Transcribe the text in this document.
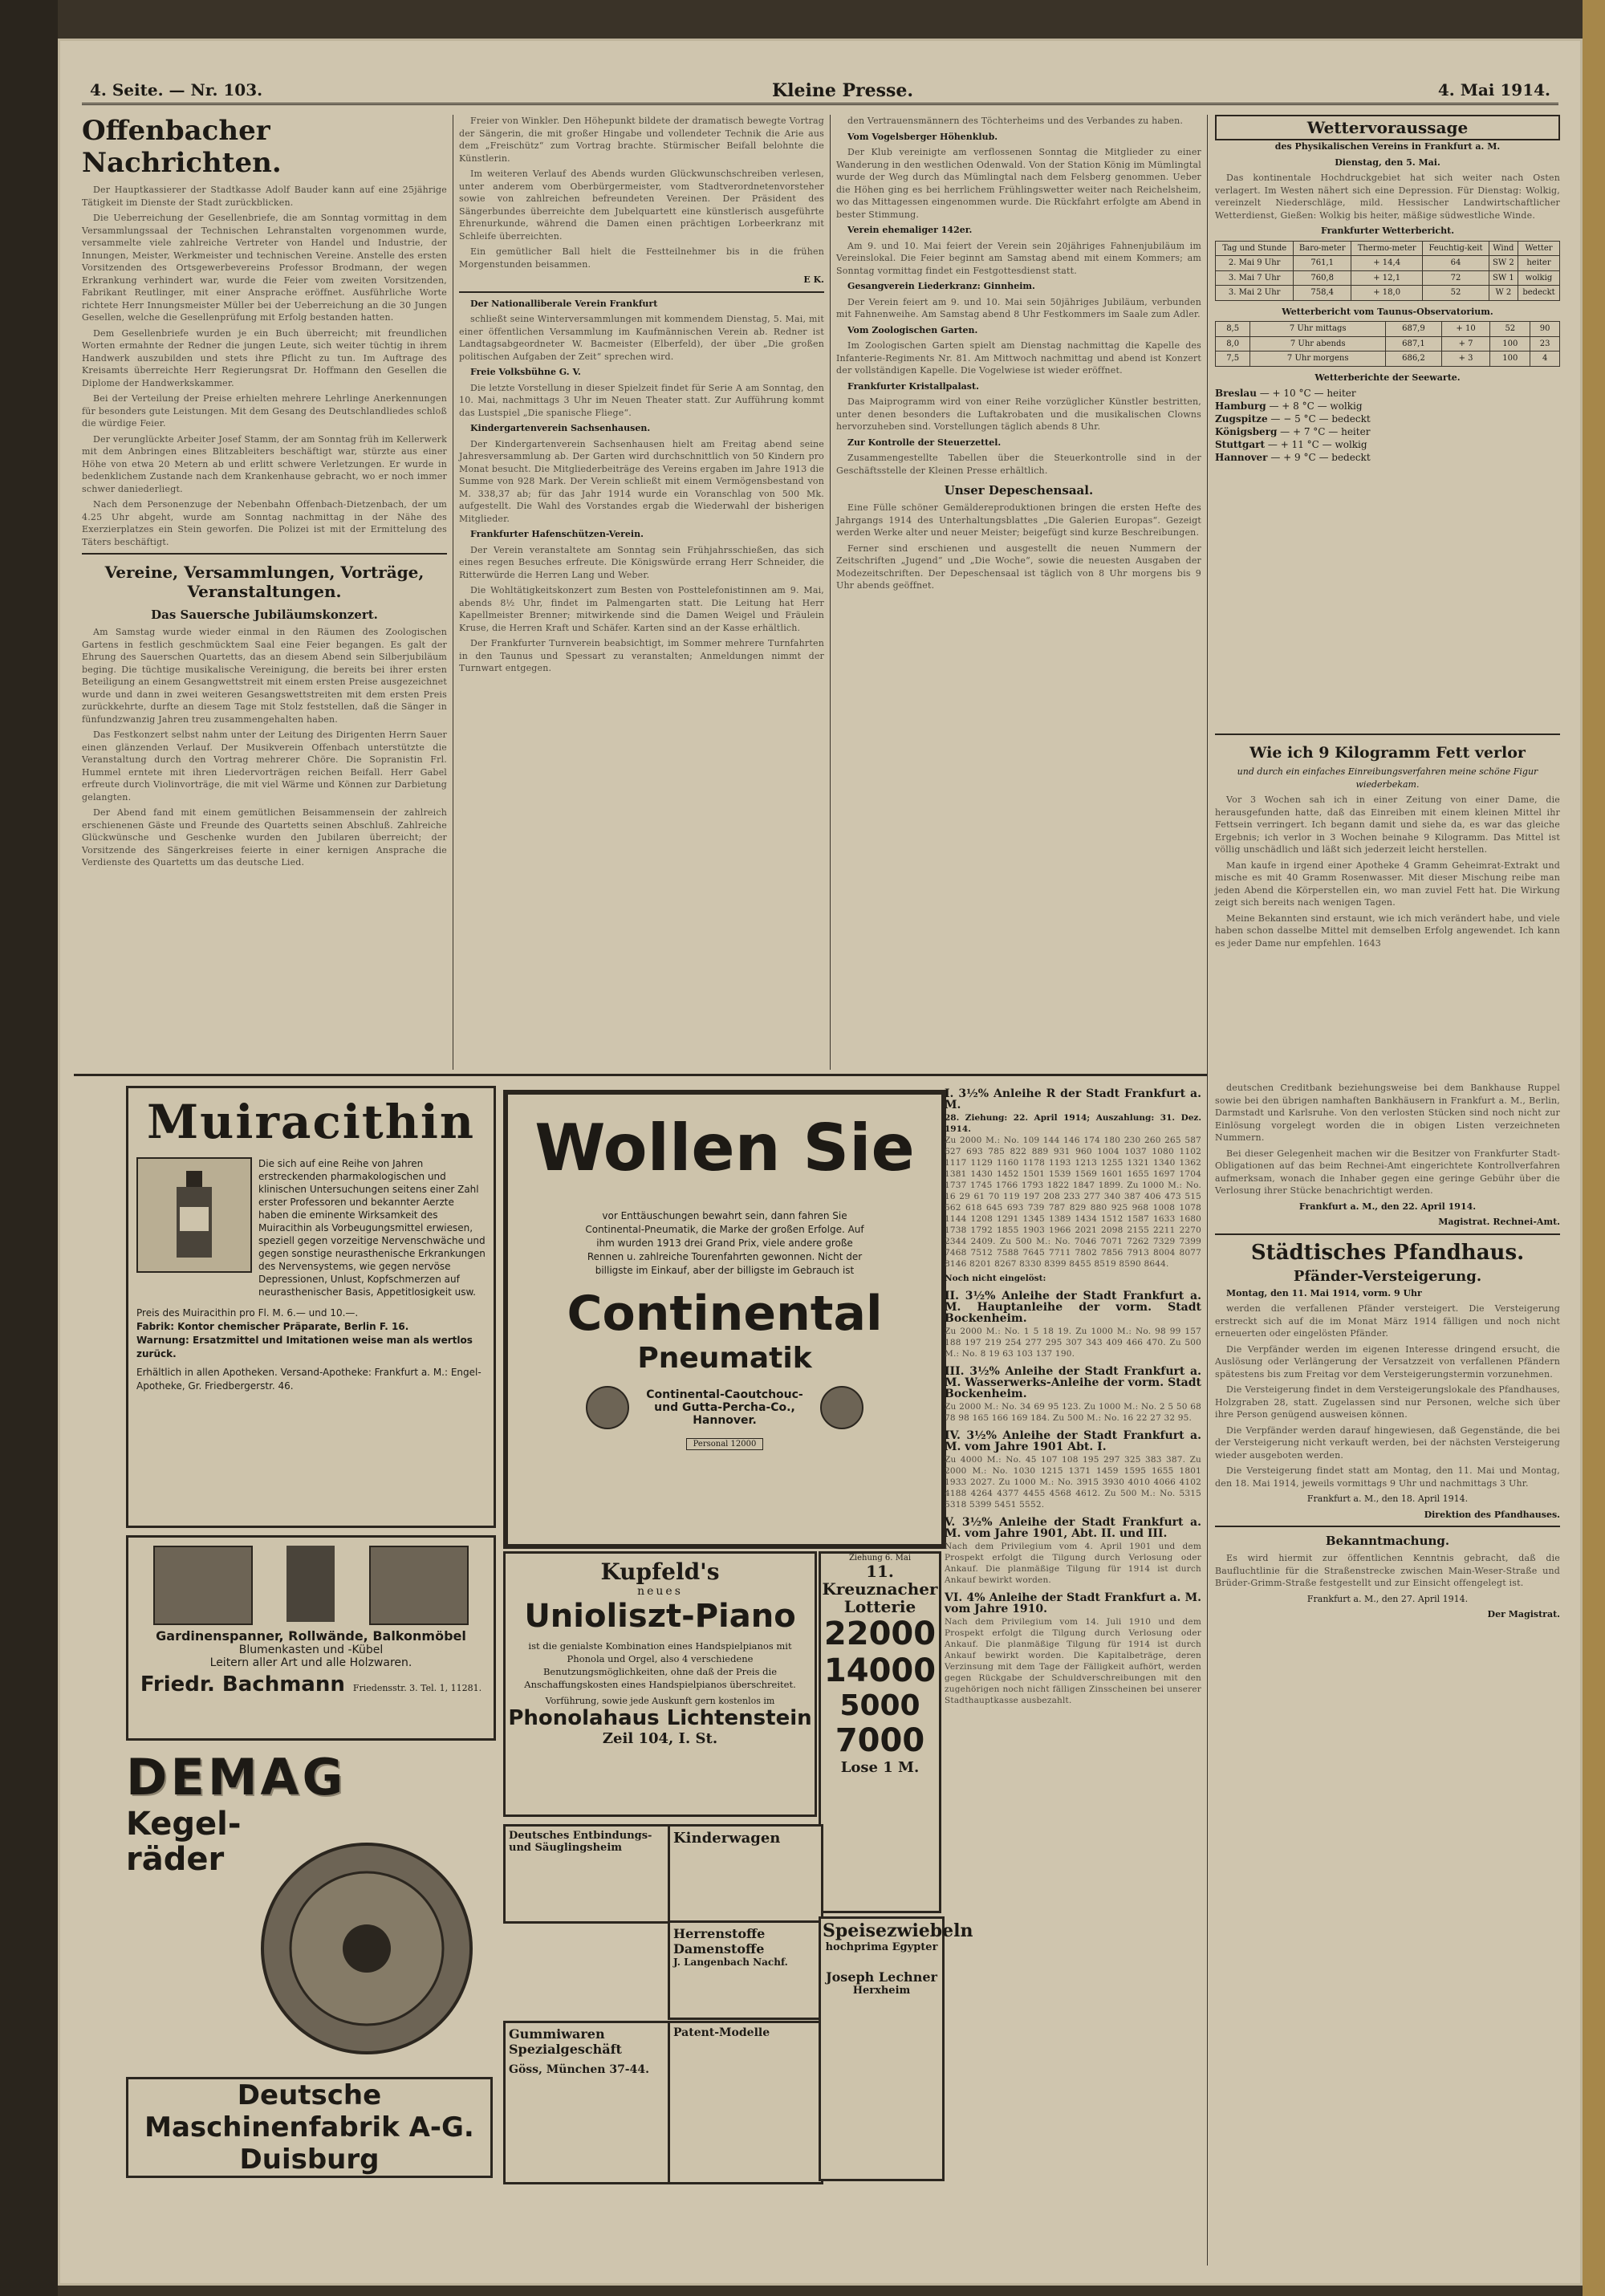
4. Seite. — Nr. 103.	Kleine Presse.	4. Mai 1914.
Offenbacher Nachrichten.

Der Hauptkassierer der Stadtkasse Adolf Bauder kann auf eine 25jährige Tätigkeit im Dienste der Stadt zurückblicken.

Die Ueberreichung der Gesellenbriefe, die am Sonntag vormittag in dem Versammlungssaal der Technischen Lehranstalten vorgenommen wurde, versammelte viele zahlreiche Vertreter von Handel und Industrie, der Innungen, Meister, Werkmeister und technischen Vereine. Anstelle des ersten Vorsitzenden des Ortsgewerbevereins Professor Brodmann, der wegen Erkrankung verhindert war, wurde die Feier vom zweiten Vorsitzenden, Fabrikant Reutlinger, mit einer Ansprache eröffnet. Ausführliche Worte richtete Herr Innungsmeister Müller bei der Ueberreichung an die 30 Jungen Gesellen, welche die Gesellenprüfung mit Erfolg bestanden hatten.

Dem Gesellenbriefe wurden je ein Buch überreicht; mit freundlichen Worten ermahnte der Redner die jungen Leute, sich weiter tüchtig in ihrem Handwerk auszubilden und stets ihre Pflicht zu tun. Im Auftrage des Kreisamts überreichte Herr Regierungsrat Dr. Hoffmann den Gesellen die Diplome der Handwerkskammer.

Bei der Verteilung der Preise erhielten mehrere Lehrlinge Anerkennungen für besonders gute Leistungen. Mit dem Gesang des Deutschlandliedes schloß die würdige Feier.

Der verunglückte Arbeiter Josef Stamm, der am Sonntag früh im Kellerwerk mit dem Anbringen eines Blitzableiters beschäftigt war, stürzte aus einer Höhe von etwa 20 Metern ab und erlitt schwere Verletzungen. Er wurde in bedenklichem Zustande nach dem Krankenhause gebracht, wo er noch immer schwer daniederliegt.

Nach dem Personenzuge der Nebenbahn Offenbach-Dietzenbach, der um 4.25 Uhr abgeht, wurde am Sonntag nachmittag in der Nähe des Exerzierplatzes ein Stein geworfen. Die Polizei ist mit der Ermittelung des Täters beschäftigt.

Vereine, Versammlungen, Vorträge, Veranstaltungen.
Das Sauersche Jubiläumskonzert.

Am Samstag wurde wieder einmal in den Räumen des Zoologischen Gartens in festlich geschmücktem Saal eine Feier begangen. Es galt der Ehrung des Sauerschen Quartetts, das an diesem Abend sein Silberjubiläum beging. Die tüchtige musikalische Vereinigung, die bereits bei ihrer ersten Beteiligung an einem Gesangwettstreit mit einem ersten Preise ausgezeichnet wurde und dann in zwei weiteren Gesangswettstreiten mit dem ersten Preis zurückkehrte, durfte an diesem Tage mit Stolz feststellen, daß die Sänger in fünfundzwanzig Jahren treu zusammengehalten haben.

Das Festkonzert selbst nahm unter der Leitung des Dirigenten Herrn Sauer einen glänzenden Verlauf. Der Musikverein Offenbach unterstützte die Veranstaltung durch den Vortrag mehrerer Chöre. Die Sopranistin Frl. Hummel erntete mit ihren Liedervorträgen reichen Beifall. Herr Gabel erfreute durch Violinvorträge, die mit viel Wärme und Können zur Darbietung gelangten.

Der Abend fand mit einem gemütlichen Beisammensein der zahlreich erschienenen Gäste und Freunde des Quartetts seinen Abschluß. Zahlreiche Glückwünsche und Geschenke wurden den Jubilaren überreicht; der Vorsitzende des Sängerkreises feierte in einer kernigen Ansprache die Verdienste des Quartetts um das deutsche Lied.

Freier von Winkler. Den Höhepunkt bildete der dramatisch bewegte Vortrag der Sängerin, die mit großer Hingabe und vollendeter Technik die Arie aus dem „Freischütz“ zum Vortrag brachte. Stürmischer Beifall belohnte die Künstlerin.

Im weiteren Verlauf des Abends wurden Glückwunschschreiben verlesen, unter anderem vom Oberbürgermeister, vom Stadtverordnetenvorsteher sowie von zahlreichen befreundeten Vereinen. Der Präsident des Sängerbundes überreichte dem Jubelquartett eine künstlerisch ausgeführte Ehrenurkunde, während die Damen einen prächtigen Lorbeerkranz mit Schleife überreichten.

Ein gemütlicher Ball hielt die Festteilnehmer bis in die frühen Morgenstunden beisammen.

E K.

Der Nationalliberale Verein Frankfurt

schließt seine Winterversammlungen mit kommendem Dienstag, 5. Mai, mit einer öffentlichen Versammlung im Kaufmännischen Verein ab. Redner ist Landtagsabgeordneter W. Bacmeister (Elberfeld), der über „Die großen politischen Aufgaben der Zeit“ sprechen wird.

Freie Volksbühne G. V.

Die letzte Vorstellung in dieser Spielzeit findet für Serie A am Sonntag, den 10. Mai, nachmittags 3 Uhr im Neuen Theater statt. Zur Aufführung kommt das Lustspiel „Die spanische Fliege“.

Kindergartenverein Sachsenhausen.

Der Kindergartenverein Sachsenhausen hielt am Freitag abend seine Jahresversammlung ab. Der Garten wird durchschnittlich von 50 Kindern pro Monat besucht. Die Mitgliederbeiträge des Vereins ergaben im Jahre 1913 die Summe von 928 Mark. Der Verein schließt mit einem Vermögensbestand von M. 338,37 ab; für das Jahr 1914 wurde ein Voranschlag von 500 Mk. aufgestellt. Die Wahl des Vorstandes ergab die Wiederwahl der bisherigen Mitglieder.

Frankfurter Hafenschützen-Verein.

Der Verein veranstaltete am Sonntag sein Frühjahrsschießen, das sich eines regen Besuches erfreute. Die Königswürde errang Herr Schneider, die Ritterwürde die Herren Lang und Weber.

Die Wohltätigkeitskonzert zum Besten von Posttelefonistinnen am 9. Mai, abends 8½ Uhr, findet im Palmengarten statt. Die Leitung hat Herr Kapellmeister Brenner; mitwirkende sind die Damen Weigel und Fräulein Kruse, die Herren Kraft und Schäfer. Karten sind an der Kasse erhältlich.

Der Frankfurter Turnverein beabsichtigt, im Sommer mehrere Turnfahrten in den Taunus und Spessart zu veranstalten; Anmeldungen nimmt der Turnwart entgegen.

den Vertrauensmännern des Töchterheims und des Verbandes zu haben.

Vom Vogelsberger Höhenklub.

Der Klub vereinigte am verflossenen Sonntag die Mitglieder zu einer Wanderung in den westlichen Odenwald. Von der Station König im Mümlingtal wurde der Weg durch das Mümlingtal nach dem Felsberg genommen. Ueber die Höhen ging es bei herrlichem Frühlingswetter weiter nach Reichelsheim, wo das Mittagessen eingenommen wurde. Die Rückfahrt erfolgte am Abend in bester Stimmung.

Verein ehemaliger 142er.

Am 9. und 10. Mai feiert der Verein sein 20jähriges Fahnenjubiläum im Vereinslokal. Die Feier beginnt am Samstag abend mit einem Kommers; am Sonntag vormittag findet ein Festgottesdienst statt.

Gesangverein Liederkranz: Ginnheim.

Der Verein feiert am 9. und 10. Mai sein 50jähriges Jubiläum, verbunden mit Fahnenweihe. Am Samstag abend 8 Uhr Festkommers im Saale zum Adler.

Vom Zoologischen Garten.

Im Zoologischen Garten spielt am Dienstag nachmittag die Kapelle des Infanterie-Regiments Nr. 81. Am Mittwoch nachmittag und abend ist Konzert der vollständigen Kapelle. Die Vogelwiese ist wieder eröffnet.

Frankfurter Kristallpalast.

Das Maiprogramm wird von einer Reihe vorzüglicher Künstler bestritten, unter denen besonders die Luftakrobaten und die musikalischen Clowns hervorzuheben sind. Vorstellungen täglich abends 8 Uhr.

Zur Kontrolle der Steuerzettel.

Zusammengestellte Tabellen über die Steuerkontrolle sind in der Geschäftsstelle der Kleinen Presse erhältlich.

Unser Depeschensaal.

Eine Fülle schöner Gemäldereproduktionen bringen die ersten Hefte des Jahrgangs 1914 des Unterhaltungsblattes „Die Galerien Europas“. Gezeigt werden Werke alter und neuer Meister; beigefügt sind kurze Beschreibungen.

Ferner sind erschienen und ausgestellt die neuen Nummern der Zeitschriften „Jugend“ und „Die Woche“, sowie die neuesten Ausgaben der Modezeitschriften. Der Depeschensaal ist täglich von 8 Uhr morgens bis 9 Uhr abends geöffnet.

Wettervoraussage

des Physikalischen Vereins in Frankfurt a. M.

Dienstag, den 5. Mai.

Das kontinentale Hochdruckgebiet hat sich weiter nach Osten verlagert. Im Westen nähert sich eine Depression. Für Dienstag: Wolkig, vereinzelt Niederschläge, mild. Hessischer Landwirtschaftlicher Wetterdienst, Gießen: Wolkig bis heiter, mäßige südwestliche Winde.

Frankfurter Wetterbericht.

Tag und Stunde	Baro-meter	Thermo-meter	Feuchtig-keit	Wind	Wetter
2. Mai 9 Uhr	761,1	+ 14,4	64	SW 2	heiter
3. Mai 7 Uhr	760,8	+ 12,1	72	SW 1	wolkig
3. Mai 2 Uhr	758,4	+ 18,0	52	W 2	bedeckt

Wetterbericht vom Taunus-Observatorium.

8,5	7 Uhr mittags	687,9	+ 10	52	90
8,0	7 Uhr abends	687,1	+ 7	100	23
7,5	7 Uhr morgens	686,2	+ 3	100	4

Wetterberichte der Seewarte.

Breslau — + 10 °C — heiter
Hamburg — + 8 °C — wolkig
Zugspitze — − 5 °C — bedeckt
Königsberg — + 7 °C — heiter
Stuttgart — + 11 °C — wolkig
Hannover — + 9 °C — bedeckt
Wie ich 9 Kilogramm Fett verlor

und durch ein einfaches Einreibungsverfahren meine schöne Figur wiederbekam.

Vor 3 Wochen sah ich in einer Zeitung von einer Dame, die herausgefunden hatte, daß das Einreiben mit einem kleinen Mittel ihr Fettsein verringert. Ich begann damit und siehe da, es war das gleiche Ergebnis; ich verlor in 3 Wochen beinahe 9 Kilogramm. Das Mittel ist völlig unschädlich und läßt sich jederzeit leicht herstellen.

Man kaufe in irgend einer Apotheke 4 Gramm Geheimrat-Extrakt und mische es mit 40 Gramm Rosenwasser. Mit dieser Mischung reibe man jeden Abend die Körperstellen ein, wo man zuviel Fett hat. Die Wirkung zeigt sich bereits nach wenigen Tagen.

Meine Bekannten sind erstaunt, wie ich mich verändert habe, und viele haben schon dasselbe Mittel mit demselben Erfolg angewendet. Ich kann es jeder Dame nur empfehlen. 1643

Muiracithin
Die sich auf eine Reihe von Jahren erstreckenden pharmakologischen und klinischen Untersuchungen seitens einer Zahl erster Professoren und bekannter Aerzte haben die eminente Wirksamkeit des Muiracithin als Vorbeugungsmittel erwiesen, speziell gegen vorzeitige Nervenschwäche und gegen sonstige neurasthenische Erkrankungen des Nervensystems, wie gegen nervöse Depressionen, Unlust, Kopfschmerzen auf neurasthenischer Basis, Appetitlosigkeit usw.
Preis des Muiracithin pro Fl. M. 6.— und 10.—.
Fabrik: Kontor chemischer Präparate, Berlin F. 16.
Warnung: Ersatzmittel und Imitationen weise man als wertlos zurück.
Erhältlich in allen Apotheken. Versand-Apotheke: Frankfurt a. M.: Engel-Apotheke, Gr. Friedbergerstr. 46.
Gardinenspanner, Rollwände, Balkonmöbel
Blumenkasten und -Kübel
Leitern aller Art und alle Holzwaren.
Friedr. Bachmann Friedensstr. 3. Tel. 1, 11281.
DEMAG
Kegel-räder
Deutsche Maschinenfabrik A-G. Duisburg
Wollen Sie
vor Enttäuschungen bewahrt sein, dann fahren Sie Continental-Pneumatik, die Marke der großen Erfolge. Auf ihm wurden 1913 drei Grand Prix, viele andere große Rennen u. zahlreiche Tourenfahrten gewonnen. Nicht der billigste im Einkauf, aber der billigste im Gebrauch ist
Continental
Pneumatik
Continental-Caoutchouc- und Gutta-Percha-Co., Hannover.
Personal 12000
Kupfeld's
neues
Unioliszt-Piano
ist die genialste Kombination eines Handspielpianos mit Phonola und Orgel, also 4 verschiedene Benutzungsmöglichkeiten, ohne daß der Preis die Anschaffungskosten eines Handspielpianos überschreitet.
Vorführung, sowie jede Auskunft gern kostenlos im
Phonolahaus Lichtenstein
Zeil 104, I. St.
Ziehung 6. Mai
11. Kreuznacher Lotterie
22000
14000
5000
7000
Lose 1 M.
Deutsches Entbindungs- und Säuglingsheim
Kinderwagen
Herrenstoffe Damenstoffe
J. Langenbach Nachf.
Gummiwaren Spezialgeschäft
Göss, München 37-44.
Patent-Modelle
Speisezwiebeln
hochprima Egypter
Joseph Lechner
Herxheim
I. 3½% Anleihe R der Stadt Frankfurt a. M.
28. Ziehung: 22. April 1914; Auszahlung: 31. Dez. 1914.
Zu 2000 M.: No. 109 144 146 174 180 230 260 265 587 627 693 785 822 889 931 960 1004 1037 1080 1102 1117 1129 1160 1178 1193 1213 1255 1321 1340 1362 1381 1430 1452 1501 1539 1569 1601 1655 1697 1704 1737 1745 1766 1793 1822 1847 1899. Zu 1000 M.: No. 16 29 61 70 119 197 208 233 277 340 387 406 473 515 562 618 645 693 739 787 829 880 925 968 1008 1078 1144 1208 1291 1345 1389 1434 1512 1587 1633 1680 1738 1792 1855 1903 1966 2021 2098 2155 2211 2270 2344 2409. Zu 500 M.: No. 7046 7071 7262 7329 7399 7468 7512 7588 7645 7711 7802 7856 7913 8004 8077 8146 8201 8267 8330 8399 8455 8519 8590 8644.
Noch nicht eingelöst:
II. 3½% Anleihe der Stadt Frankfurt a. M. Hauptanleihe der vorm. Stadt Bockenheim.
Zu 2000 M.: No. 1 5 18 19. Zu 1000 M.: No. 98 99 157 188 197 219 254 277 295 307 343 409 466 470. Zu 500 M.: No. 8 19 63 103 137 190.
III. 3½% Anleihe der Stadt Frankfurt a. M. Wasserwerks-Anleihe der vorm. Stadt Bockenheim.
Zu 2000 M.: No. 34 69 95 123. Zu 1000 M.: No. 2 5 50 68 78 98 165 166 169 184. Zu 500 M.: No. 16 22 27 32 95.
IV. 3½% Anleihe der Stadt Frankfurt a. M. vom Jahre 1901 Abt. I.
Zu 4000 M.: No. 45 107 108 195 297 325 383 387. Zu 2000 M.: No. 1030 1215 1371 1459 1595 1655 1801 1933 2027. Zu 1000 M.: No. 3915 3930 4010 4066 4102 4188 4264 4377 4455 4568 4612. Zu 500 M.: No. 5315 5318 5399 5451 5552.
V. 3½% Anleihe der Stadt Frankfurt a. M. vom Jahre 1901, Abt. II. und III.
Nach dem Privilegium vom 4. April 1901 und dem Prospekt erfolgt die Tilgung durch Verlosung oder Ankauf. Die planmäßige Tilgung für 1914 ist durch Ankauf bewirkt worden.
VI. 4% Anleihe der Stadt Frankfurt a. M. vom Jahre 1910.
Nach dem Privilegium vom 14. Juli 1910 und dem Prospekt erfolgt die Tilgung durch Verlosung oder Ankauf. Die planmäßige Tilgung für 1914 ist durch Ankauf bewirkt worden. Die Kapitalbeträge, deren Verzinsung mit dem Tage der Fälligkeit aufhört, werden gegen Rückgabe der Schuldverschreibungen mit den zugehörigen noch nicht fälligen Zinsscheinen bei unserer Stadthauptkasse ausbezahlt.

deutschen Creditbank beziehungsweise bei dem Bankhause Ruppel sowie bei den übrigen namhaften Bankhäusern in Frankfurt a. M., Berlin, Darmstadt und Karlsruhe. Von den verlosten Stücken sind noch nicht zur Einlösung vorgelegt worden die in obigen Listen verzeichneten Nummern.

Bei dieser Gelegenheit machen wir die Besitzer von Frankfurter Stadt-Obligationen auf das beim Rechnei-Amt eingerichtete Kontrollverfahren aufmerksam, wonach die Inhaber gegen eine geringe Gebühr über die Verlosung ihrer Stücke benachrichtigt werden.

Frankfurt a. M., den 22. April 1914.

Magistrat. Rechnei-Amt.

Städtisches Pfandhaus.
Pfänder-Versteigerung.

Montag, den 11. Mai 1914, vorm. 9 Uhr

werden die verfallenen Pfänder versteigert. Die Versteigerung erstreckt sich auf die im Monat März 1914 fälligen und noch nicht erneuerten oder eingelösten Pfänder.

Die Verpfänder werden im eigenen Interesse dringend ersucht, die Auslösung oder Verlängerung der Versatzzeit von verfallenen Pfändern spätestens bis zum Freitag vor dem Versteigerungstermin vorzunehmen.

Die Versteigerung findet in dem Versteigerungslokale des Pfandhauses, Holzgraben 28, statt. Zugelassen sind nur Personen, welche sich über ihre Person genügend ausweisen können.

Die Verpfänder werden darauf hingewiesen, daß Gegenstände, die bei der Versteigerung nicht verkauft werden, bei der nächsten Versteigerung wieder ausgeboten werden.

Die Versteigerung findet statt am Montag, den 11. Mai und Montag, den 18. Mai 1914, jeweils vormittags 9 Uhr und nachmittags 3 Uhr.

Frankfurt a. M., den 18. April 1914.

Direktion des Pfandhauses.

Bekanntmachung.

Es wird hiermit zur öffentlichen Kenntnis gebracht, daß die Baufluchtlinie für die Straßenstrecke zwischen Main-Weser-Straße und Brüder-Grimm-Straße festgestellt und zur Einsicht offengelegt ist.

Frankfurt a. M., den 27. April 1914.

Der Magistrat.
